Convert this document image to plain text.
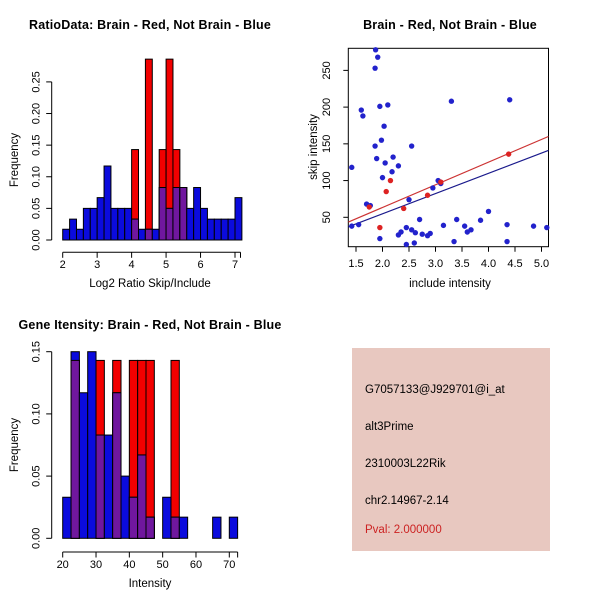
0.00
0.05
0.10
0.15
0.20
0.25
2	3	4	5	6	7
RatioData: Brain - Red, Not Brain - Blue
Log2 Ratio Skip/Include
Frequency
1.5 2.0 2.5 3.0 3.5 4.0 4.5 5.0
50
100
150
200
250
Brain - Red, Not Brain - Blue
include intensity
skip intensity
0.00
0.05
0.10
0.15
20 30 40 50 60 70
Gene Itensity: Brain - Red, Not Brain - Blue
Intensity
Frequency
G7057133@J929701@i_at
alt3Prime
2310003L22Rik
chr2.14967-2.14
Pval: 2.000000
